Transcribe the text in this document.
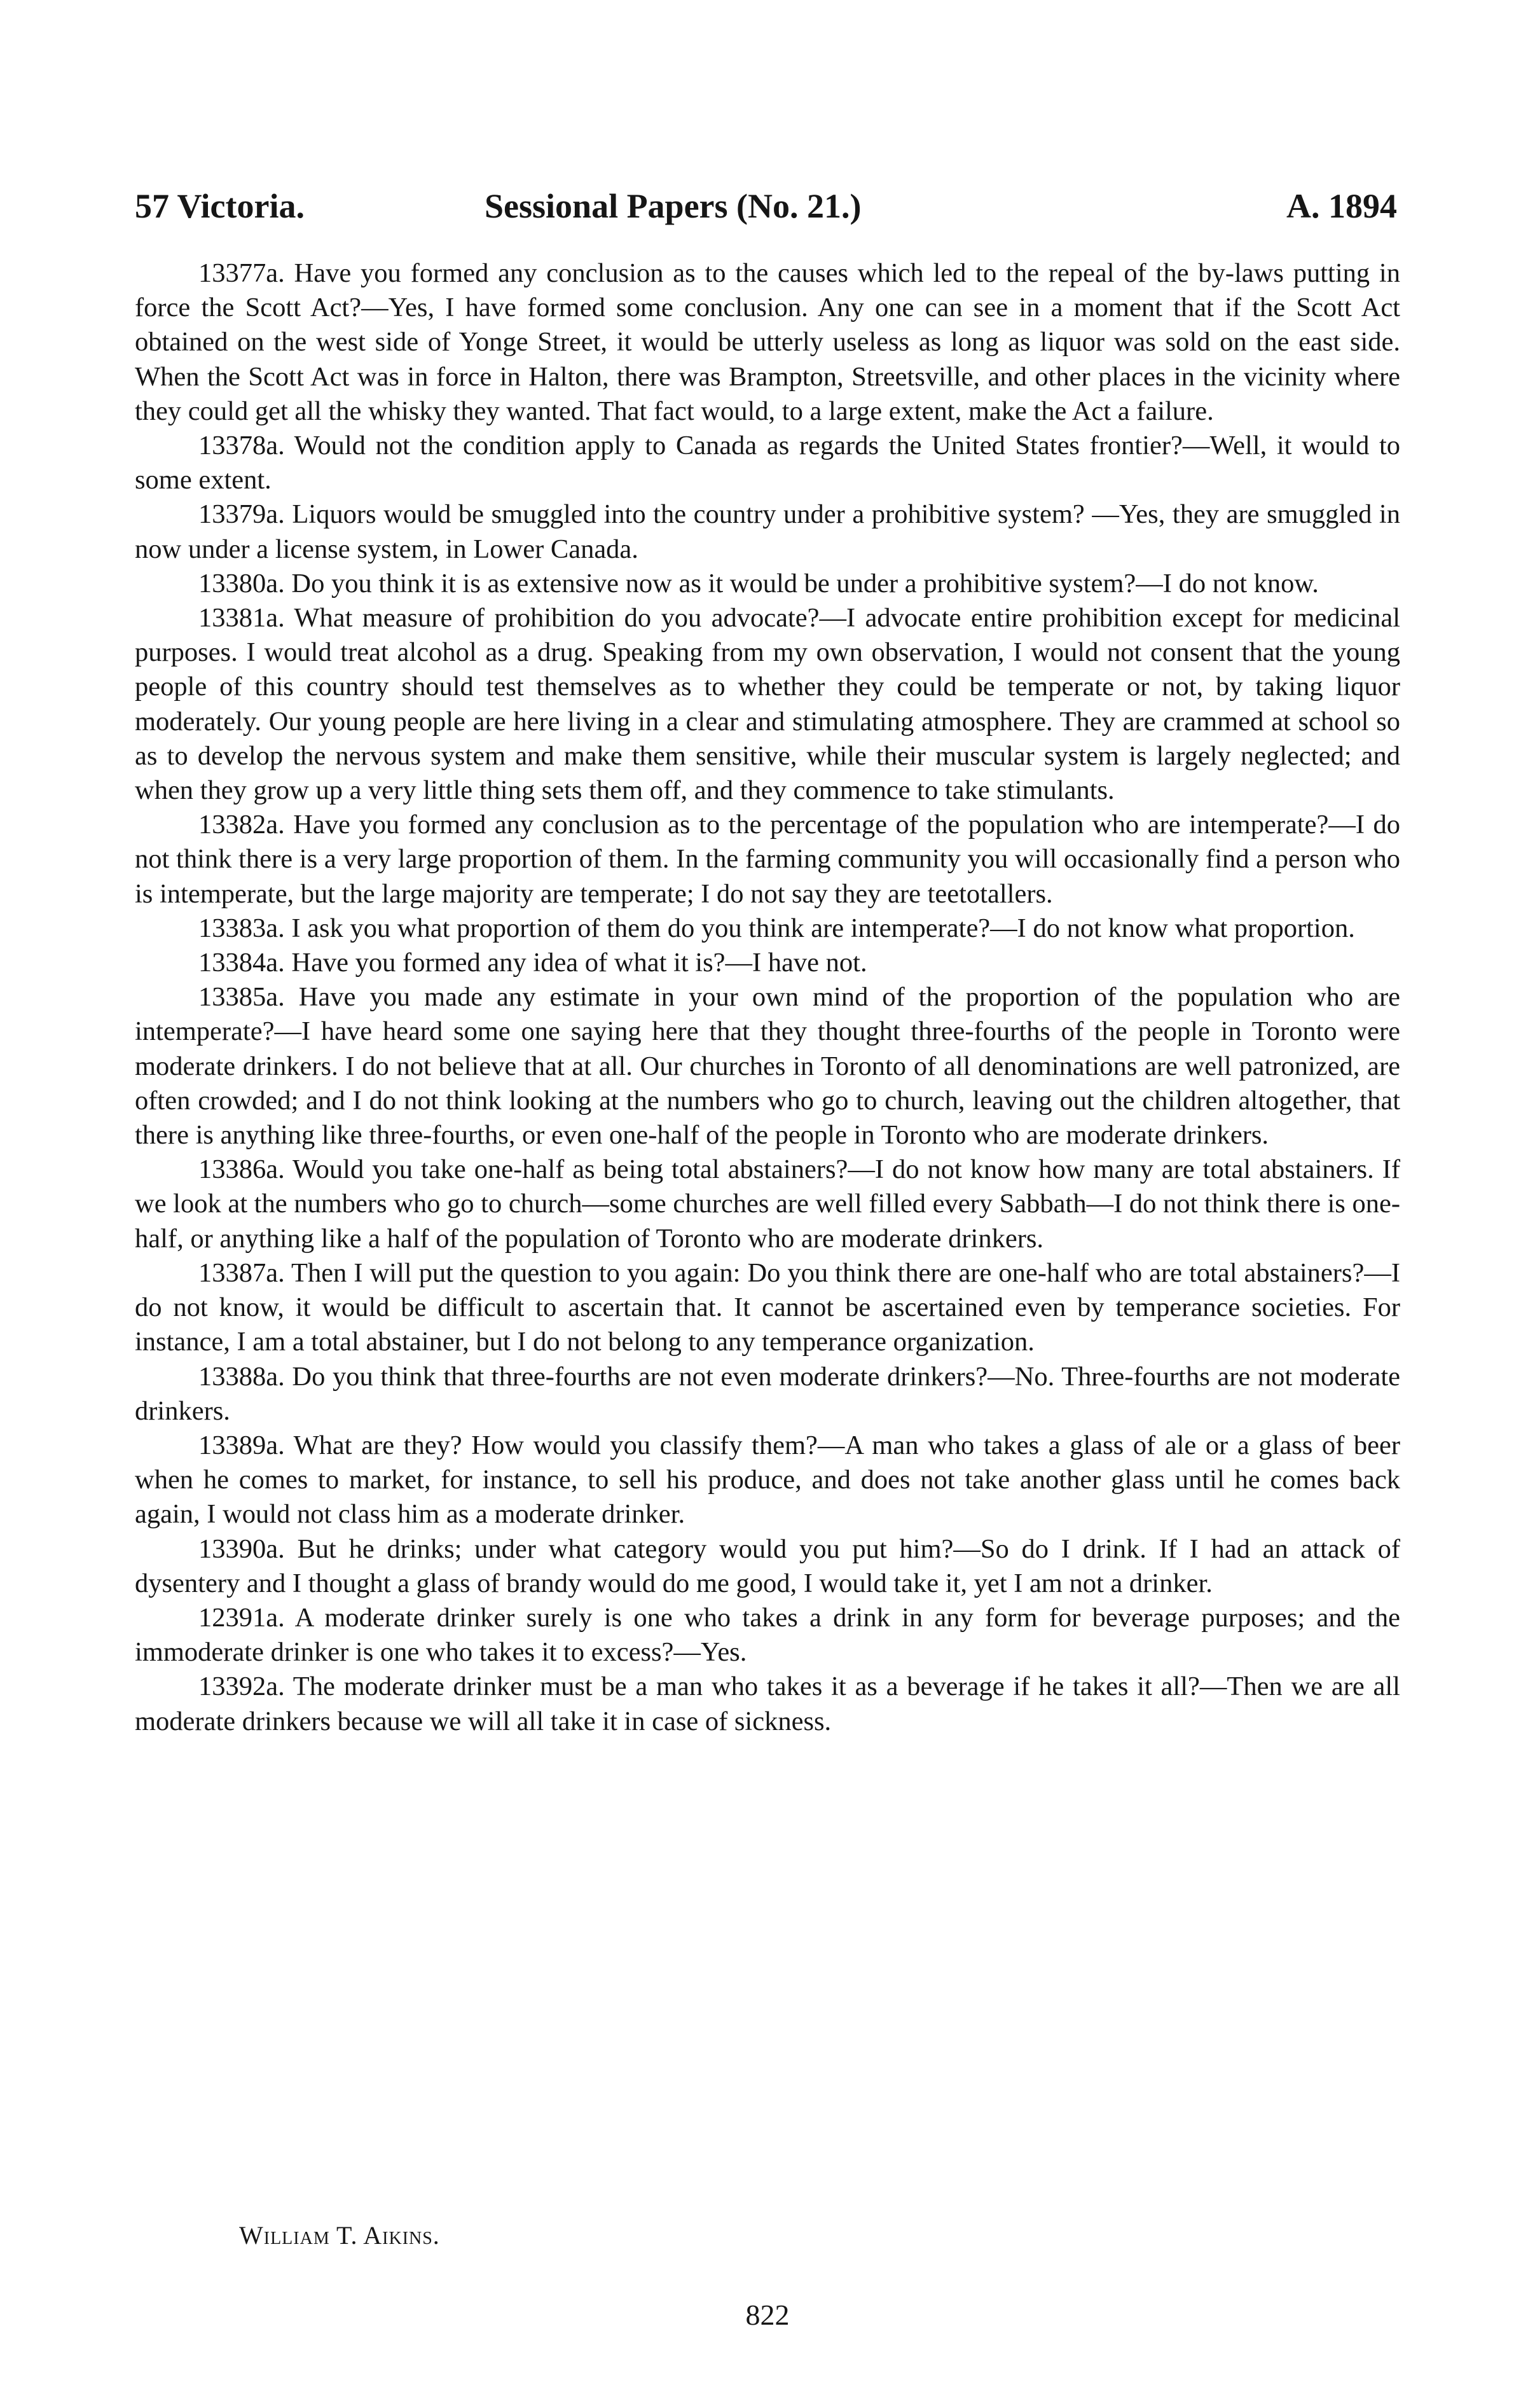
57 Victoria.	Sessional Papers (No. 21.)	A. 1894

13377a. Have you formed any conclusion as to the causes which led to the repeal of the by-laws putting in force the Scott Act?—Yes, I have formed some conclusion. Any one can see in a moment that if the Scott Act obtained on the west side of Yonge Street, it would be utterly useless as long as liquor was sold on the east side. When the Scott Act was in force in Halton, there was Brampton, Streetsville, and other places in the vicinity where they could get all the whisky they wanted. That fact would, to a large extent, make the Act a failure.

13378a. Would not the condition apply to Canada as regards the United States frontier?—Well, it would to some extent.

13379a. Liquors would be smuggled into the country under a prohibitive system? —Yes, they are smuggled in now under a license system, in Lower Canada.

13380a. Do you think it is as extensive now as it would be under a prohibitive system?—I do not know.

13381a. What measure of prohibition do you advocate?—I advocate entire prohibition except for medicinal purposes. I would treat alcohol as a drug. Speaking from my own observation, I would not consent that the young people of this country should test themselves as to whether they could be temperate or not, by taking liquor moderately. Our young people are here living in a clear and stimulating atmosphere. They are crammed at school so as to develop the nervous system and make them sensitive, while their muscular system is largely neglected; and when they grow up a very little thing sets them off, and they commence to take stimulants.

13382a. Have you formed any conclusion as to the percentage of the population who are intemperate?—I do not think there is a very large proportion of them. In the farming community you will occasionally find a person who is intemperate, but the large majority are temperate; I do not say they are teetotallers.

13383a. I ask you what proportion of them do you think are intemperate?—I do not know what proportion.

13384a. Have you formed any idea of what it is?—I have not.

13385a. Have you made any estimate in your own mind of the proportion of the population who are intemperate?—I have heard some one saying here that they thought three-fourths of the people in Toronto were moderate drinkers. I do not believe that at all. Our churches in Toronto of all denominations are well patronized, are often crowded; and I do not think looking at the numbers who go to church, leaving out the children altogether, that there is anything like three-fourths, or even one-half of the people in Toronto who are moderate drinkers.

13386a. Would you take one-half as being total abstainers?—I do not know how many are total abstainers. If we look at the numbers who go to church—some churches are well filled every Sabbath—I do not think there is one-half, or anything like a half of the population of Toronto who are moderate drinkers.

13387a. Then I will put the question to you again: Do you think there are one-half who are total abstainers?—I do not know, it would be difficult to ascertain that. It cannot be ascertained even by temperance societies. For instance, I am a total abstainer, but I do not belong to any temperance organization.

13388a. Do you think that three-fourths are not even moderate drinkers?—No. Three-fourths are not moderate drinkers.

13389a. What are they? How would you classify them?—A man who takes a glass of ale or a glass of beer when he comes to market, for instance, to sell his produce, and does not take another glass until he comes back again, I would not class him as a moderate drinker.

13390a. But he drinks; under what category would you put him?—So do I drink. If I had an attack of dysentery and I thought a glass of brandy would do me good, I would take it, yet I am not a drinker.

12391a. A moderate drinker surely is one who takes a drink in any form for beverage purposes; and the immoderate drinker is one who takes it to excess?—Yes.

13392a. The moderate drinker must be a man who takes it as a beverage if he takes it all?—Then we are all moderate drinkers because we will all take it in case of sickness.

William T. Aikins.
822
